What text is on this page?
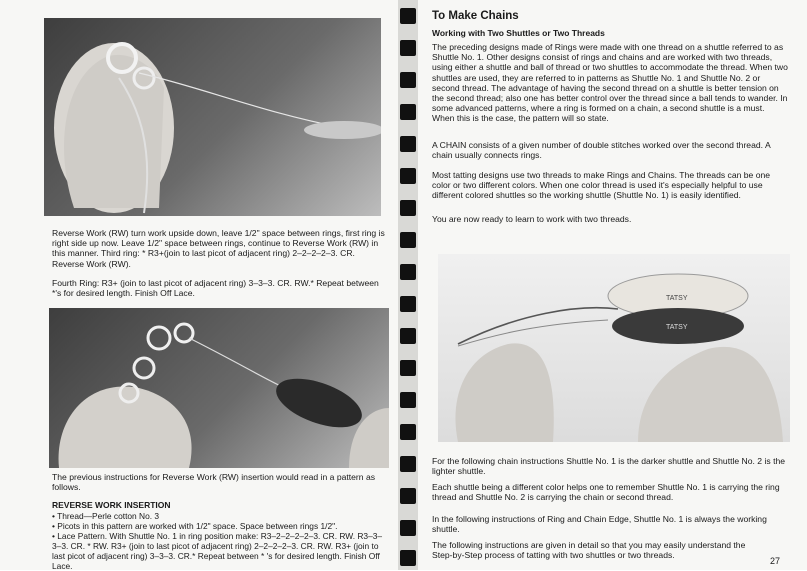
Reverse Work (RW) turn work upside down, leave 1/2" space between rings, first ring is right side up now. Leave 1/2" space between rings, continue to Reverse Work (RW) in this manner. Third ring: * R3+(join to last picot of adjacent ring) 2–2–2–2–3. CR. Reverse Work (RW).

Fourth Ring: R3+ (join to last picot of adjacent ring) 3–3–3. CR. RW.* Repeat between *'s for desired length. Finish Off Lace.

The previous instructions for Reverse Work (RW) insertion would read in a pattern as follows.

REVERSE WORK INSERTION

• Thread—Perle cotton No. 3
• Picots in this pattern are worked with 1/2" space. Space between rings 1/2".
• Lace Pattern. With Shuttle No. 1 in ring position make: R3–2–2–2–2–3. CR. RW. R3–3–3–3. CR. * RW. R3+ (join to last picot of adjacent ring) 2–2–2–2–3. CR. RW. R3+ (join to last picot of adjacent ring) 3–3–3. CR.* Repeat between * 's for desired length. Finish Off Lace.

To Make Chains

Working with Two Shuttles or Two Threads

The preceding designs made of Rings were made with one thread on a shuttle referred to as Shuttle No. 1. Other designs consist of rings and chains and are worked with two threads, using either a shuttle and ball of thread or two shuttles to accommodate the thread. When two shuttles are used, they are referred to in patterns as Shuttle No. 1 and Shuttle No. 2 or second thread. The advantage of having the second thread on a shuttle is better tension on the second thread; also one has better control over the thread since a ball tends to wander. In some advanced patterns, where a ring is formed on a chain, a second shuttle is a must. When this is the case, the pattern will so state.

A CHAIN consists of a given number of double stitches worked over the second thread. A chain usually connects rings.

Most tatting designs use two threads to make Rings and Chains. The threads can be one color or two different colors. When one color thread is used it's especially helpful to use different colored shuttles so the working shuttle (Shuttle No. 1) is easily identified.

You are now ready to learn to work with two threads.

TATSY
TATSY

For the following chain instructions Shuttle No. 1 is the darker shuttle and Shuttle No. 2 is the lighter shuttle.

Each shuttle being a different color helps one to remember Shuttle No. 1 is carrying the ring thread and Shuttle No. 2 is carrying the chain or second thread.

In the following instructions of Ring and Chain Edge, Shuttle No. 1 is always the working shuttle.

The following instructions are given in detail so that you may easily understand the Step-by-Step process of tatting with two shuttles or two threads.

27
